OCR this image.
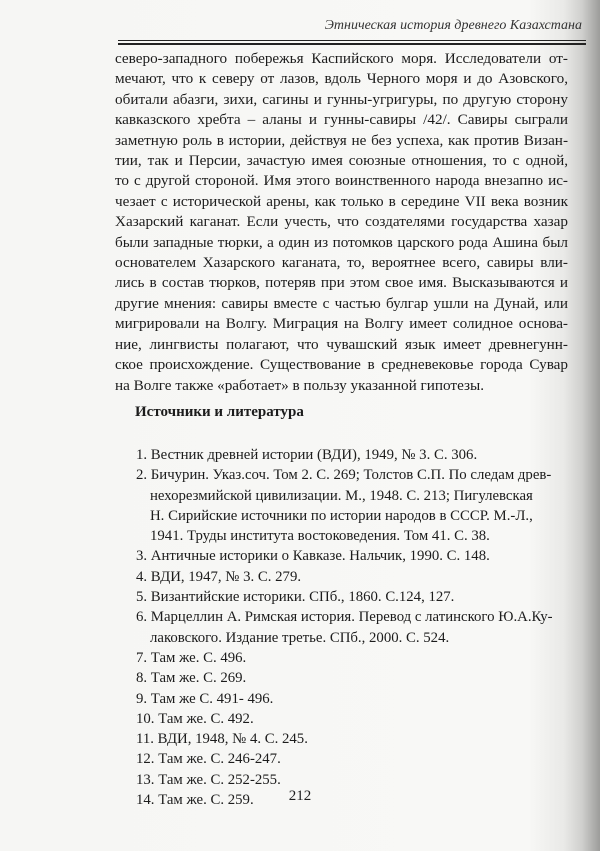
Этническая история древнего Казахстана
северо-западного побережья Каспийского моря. Исследователи от-
мечают, что к северу от лазов, вдоль Черного моря и до Азовского,
обитали абазги, зихи, сагины и гунны-угригуры, по другую сторону
кавказского хребта – аланы и гунны-савиры /42/. Савиры сыграли
заметную роль в истории, действуя не без успеха, как против Визан-
тии, так и Персии, зачастую имея союзные отношения, то с одной,
то с другой стороной. Имя этого воинственного народа внезапно ис-
чезает с исторической арены, как только в середине VII века возник
Хазарский каганат. Если учесть, что создателями государства хазар
были западные тюрки, а один из потомков царского рода Ашина был
основателем Хазарского каганата, то, вероятнее всего, савиры вли-
лись в состав тюрков, потеряв при этом свое имя. Высказываются и
другие мнения: савиры вместе с частью булгар ушли на Дунай, или
мигрировали на Волгу. Миграция на Волгу имеет солидное основа-
ние, лингвисты полагают, что чувашский язык имеет древнегунн-
ское происхождение. Существование в средневековье города Сувар
на Волге также «работает» в пользу указанной гипотезы.
Источники и литература
1. Вестник древней истории (ВДИ), 1949, № 3. С. 306.
2. Бичурин. Указ.соч. Том 2. С. 269; Толстов С.П. По следам древ-
нехорезмийской цивилизации. М., 1948. С. 213; Пигулевская
Н. Сирийские источники по истории народов в СССР. М.-Л.,
1941. Труды института востоковедения. Том 41. С. 38.
3. Античные историки о Кавказе. Нальчик, 1990. С. 148.
4. ВДИ, 1947, № 3. С. 279.
5. Византийские историки. СПб., 1860. С.124, 127.
6. Марцеллин А. Римская история. Перевод с латинского Ю.А.Ку-
лаковского. Издание третье. СПб., 2000. С. 524.
7. Там же. С. 496.
8. Там же. С. 269.
9. Там же С. 491- 496.
10. Там же. С. 492.
11. ВДИ, 1948, № 4. С. 245.
12. Там же. С. 246-247.
13. Там же. С. 252-255.
14. Там же. С. 259.	212
